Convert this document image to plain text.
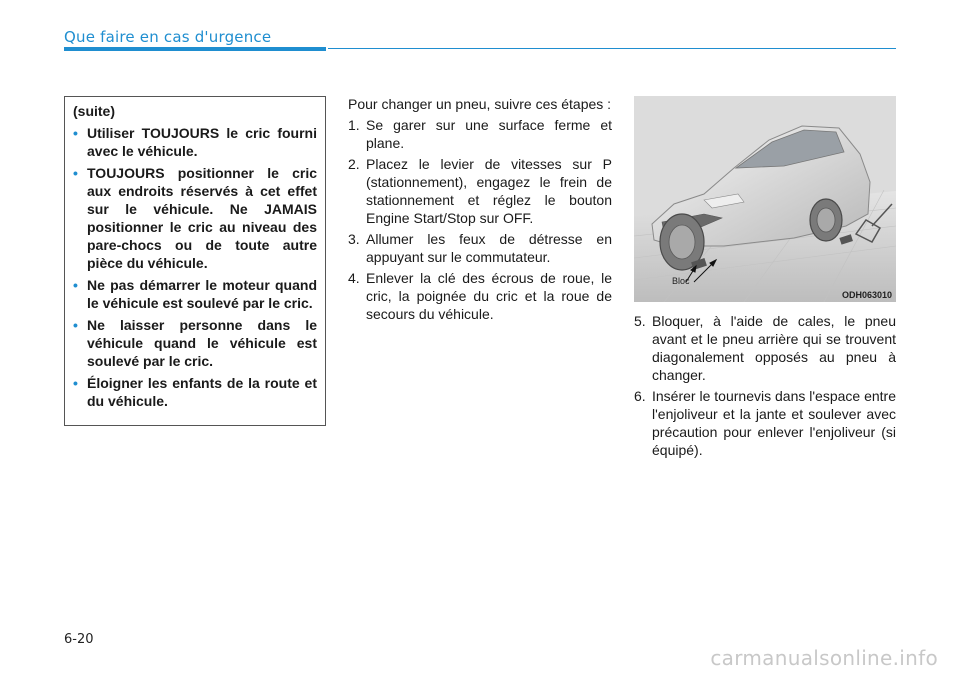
Que faire en cas d'urgence

(suite)

• Utiliser TOUJOURS le cric fourni avec le véhicule.
• TOUJOURS positionner le cric aux endroits réservés à cet effet sur le véhicule. Ne JAMAIS positionner le cric au niveau des pare-chocs ou de toute autre pièce du véhicule.
• Ne pas démarrer le moteur quand le véhicule est soulevé par le cric.
• Ne laisser personne dans le véhicule quand le véhicule est soulevé par le cric.
• Éloigner les enfants de la route et du véhicule.

Pour changer un pneu, suivre ces étapes :

1. Se garer sur une surface ferme et plane.
2. Placez le levier de vitesses sur P (stationnement), engagez le frein de stationnement et réglez le bouton Engine Start/Stop sur OFF.
3. Allumer les feux de détresse en appuyant sur le commutateur.
4. Enlever la clé des écrous de roue, le cric, la poignée du cric et la roue de secours du véhicule.
Bloc
ODH063010
5. Bloquer, à l'aide de cales, le pneu avant et le pneu arrière qui se trouvent diagonalement opposés au pneu à changer.
6. Insérer le tournevis dans l'espace entre l'enjoliveur et la jante et soulever avec précaution pour enlever l'enjoliveur (si équipé).
6-20
carmanualsonline.info
